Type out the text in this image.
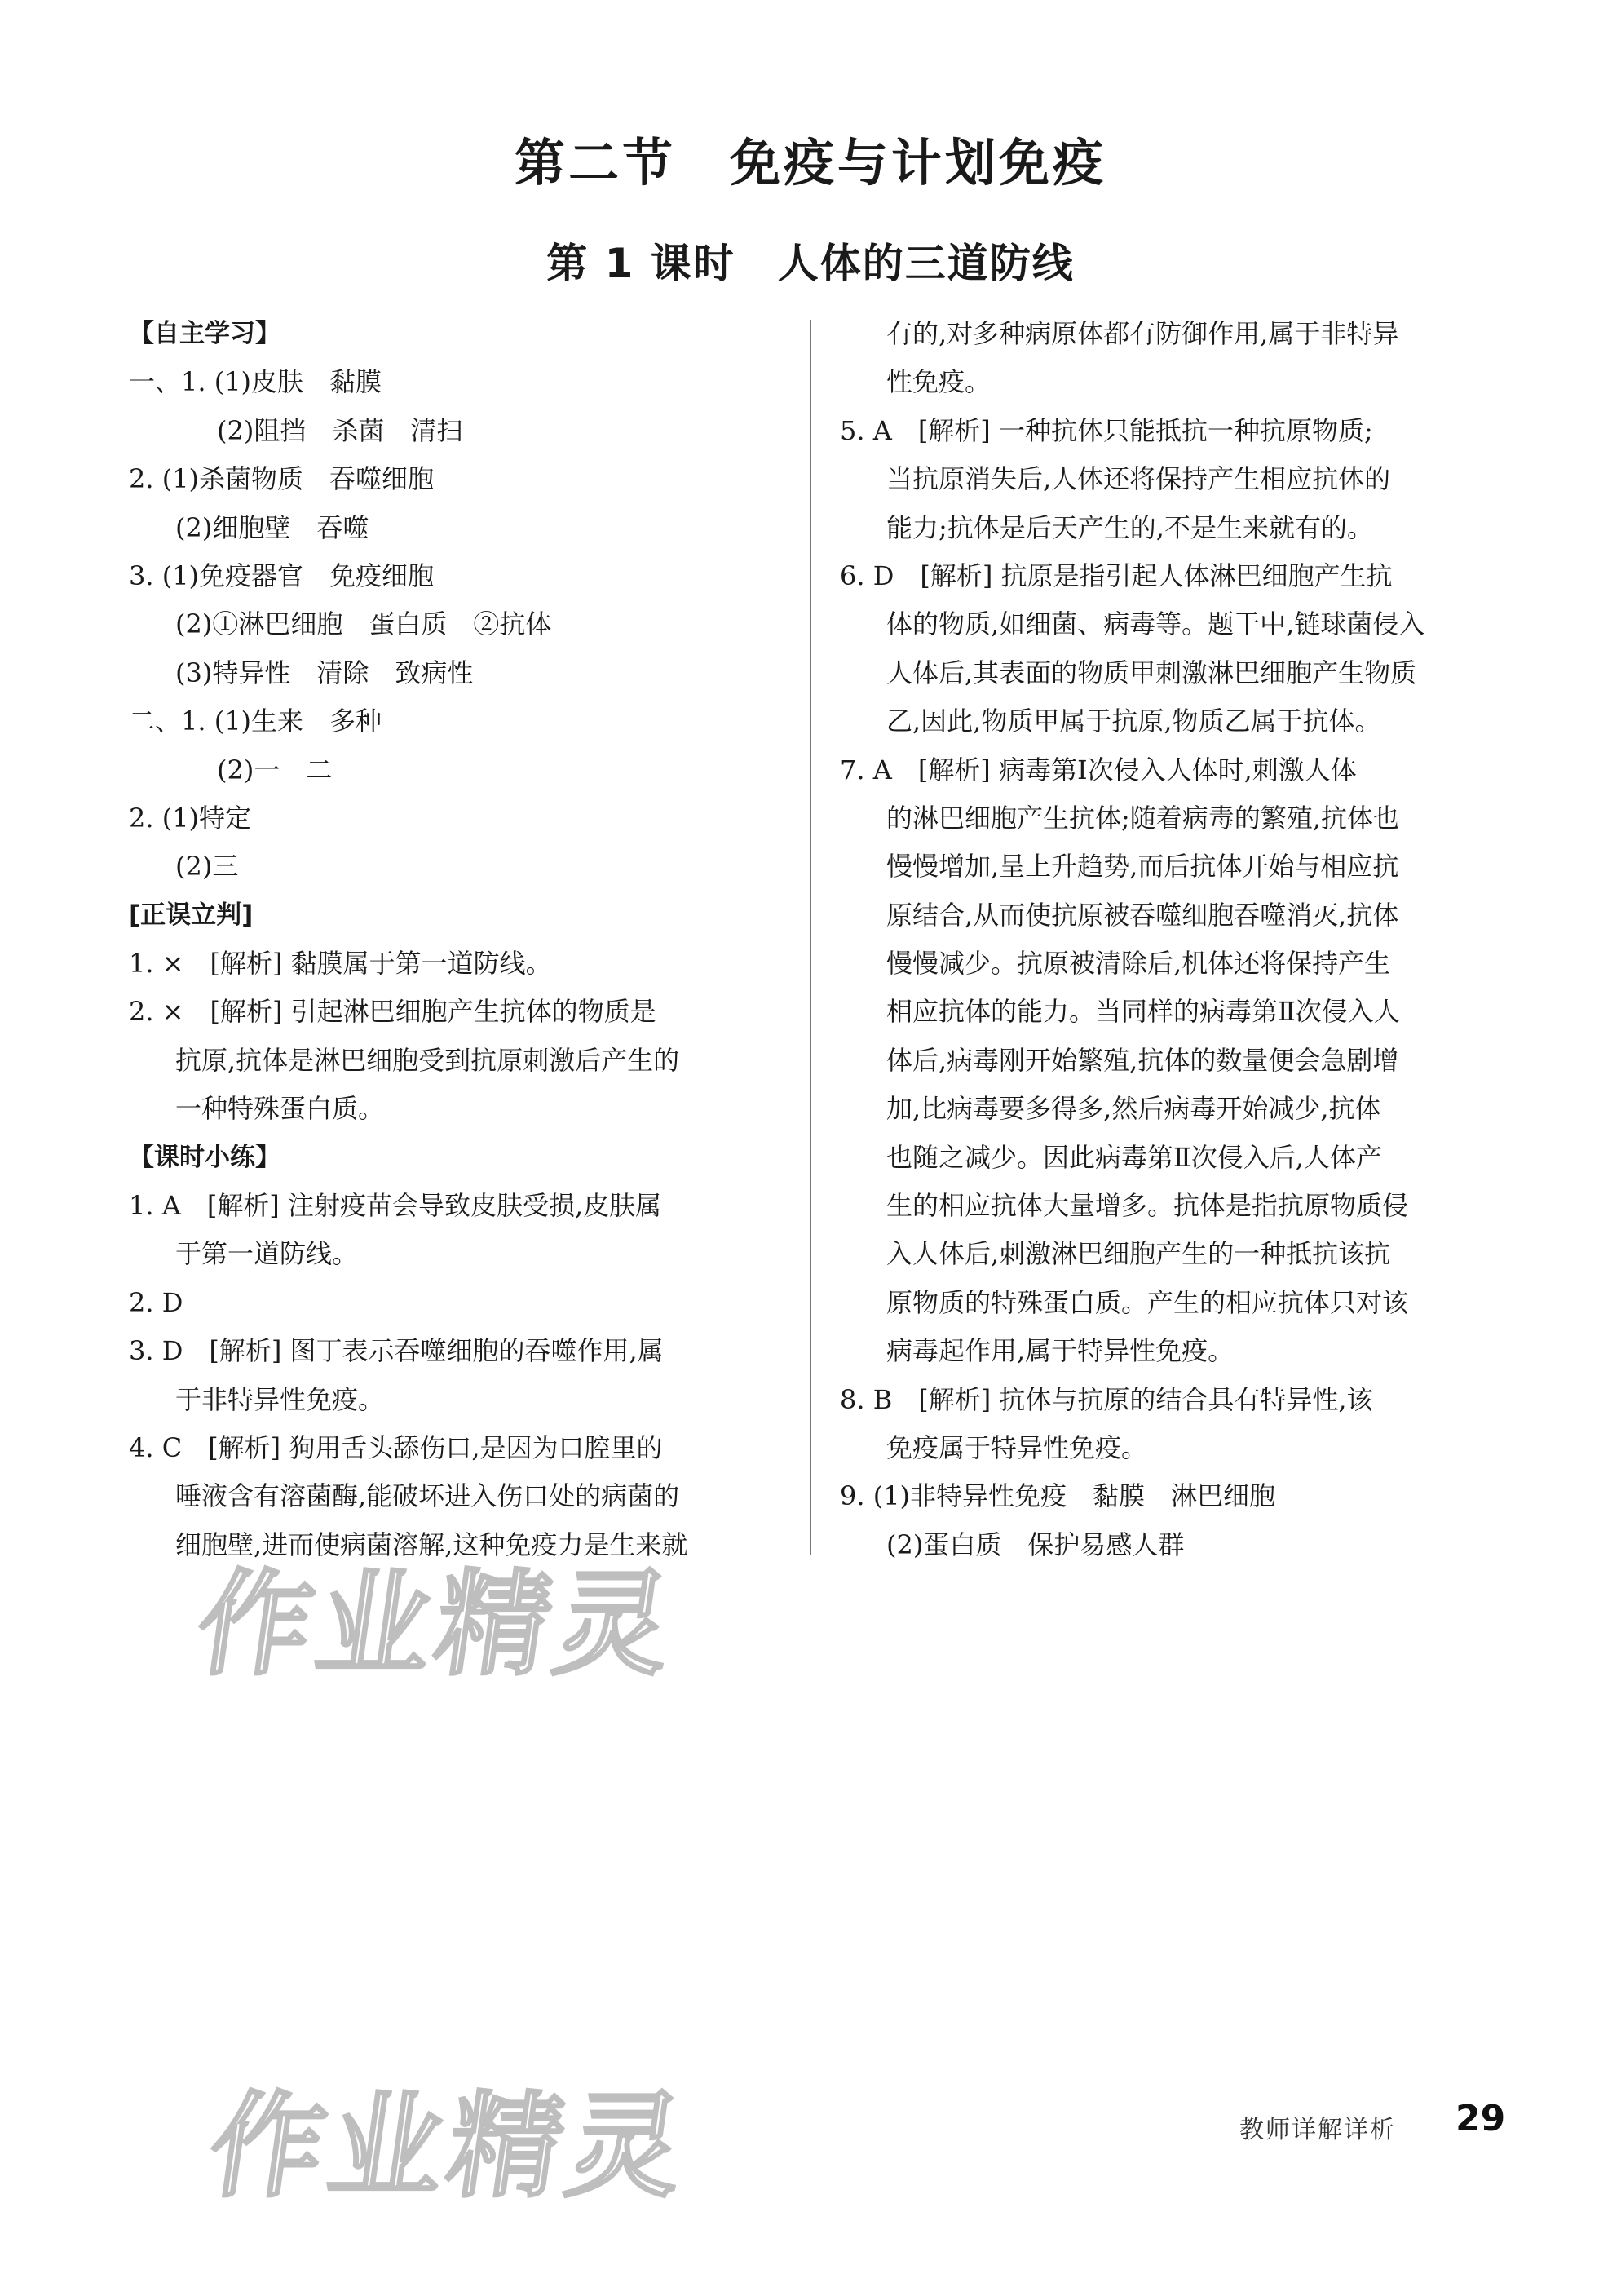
第二节　免疫与计划免疫
第 1 课时　人体的三道防线
【自主学习】
一、1. (1)皮肤　黏膜
(2)阻挡　杀菌　清扫
2. (1)杀菌物质　吞噬细胞
(2)细胞壁　吞噬
3. (1)免疫器官　免疫细胞
(2)①淋巴细胞　蛋白质　②抗体
(3)特异性　清除　致病性
二、1. (1)生来　多种
(2)一　二
2. (1)特定
(2)三
[正误立判]
1. ×　[解析] 黏膜属于第一道防线。
2. ×　[解析] 引起淋巴细胞产生抗体的物质是
抗原,抗体是淋巴细胞受到抗原刺激后产生的
一种特殊蛋白质。
【课时小练】
1. A　[解析] 注射疫苗会导致皮肤受损,皮肤属
于第一道防线。
2. D
3. D　[解析] 图丁表示吞噬细胞的吞噬作用,属
于非特异性免疫。
4. C　[解析] 狗用舌头舔伤口,是因为口腔里的
唾液含有溶菌酶,能破坏进入伤口处的病菌的
细胞壁,进而使病菌溶解,这种免疫力是生来就
有的,对多种病原体都有防御作用,属于非特异
性免疫。
5. A　[解析] 一种抗体只能抵抗一种抗原物质;
当抗原消失后,人体还将保持产生相应抗体的
能力;抗体是后天产生的,不是生来就有的。
6. D　[解析] 抗原是指引起人体淋巴细胞产生抗
体的物质,如细菌、病毒等。题干中,链球菌侵入
人体后,其表面的物质甲刺激淋巴细胞产生物质
乙,因此,物质甲属于抗原,物质乙属于抗体。
7. A　[解析] 病毒第Ⅰ次侵入人体时,刺激人体
的淋巴细胞产生抗体;随着病毒的繁殖,抗体也
慢慢增加,呈上升趋势,而后抗体开始与相应抗
原结合,从而使抗原被吞噬细胞吞噬消灭,抗体
慢慢减少。抗原被清除后,机体还将保持产生
相应抗体的能力。当同样的病毒第Ⅱ次侵入人
体后,病毒刚开始繁殖,抗体的数量便会急剧增
加,比病毒要多得多,然后病毒开始减少,抗体
也随之减少。因此病毒第Ⅱ次侵入后,人体产
生的相应抗体大量增多。抗体是指抗原物质侵
入人体后,刺激淋巴细胞产生的一种抵抗该抗
原物质的特殊蛋白质。产生的相应抗体只对该
病毒起作用,属于特异性免疫。
8. B　[解析] 抗体与抗原的结合具有特异性,该
免疫属于特异性免疫。
9. (1)非特异性免疫　黏膜　淋巴细胞
(2)蛋白质　保护易感人群
作业精灵
作业精灵	教师详解详析 29
